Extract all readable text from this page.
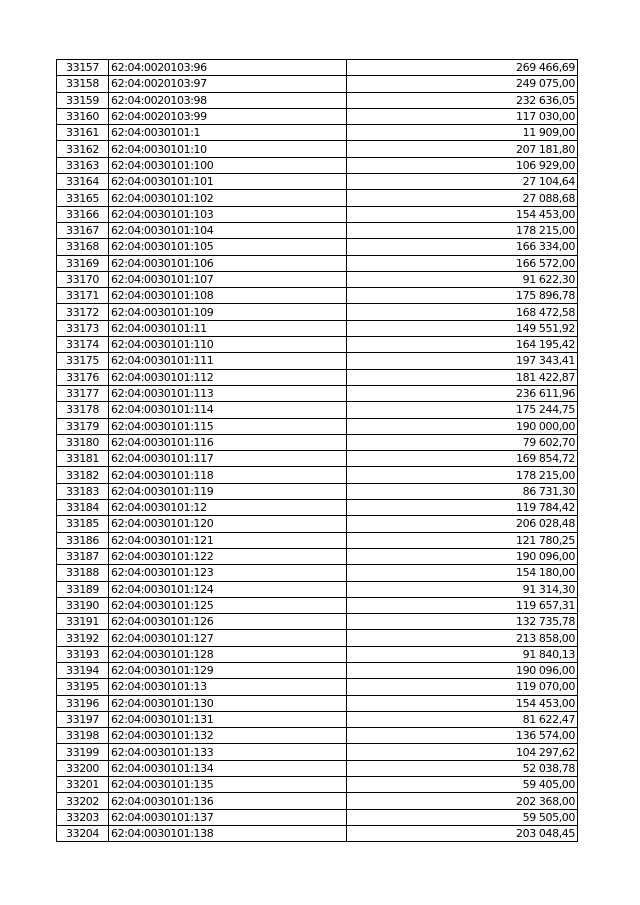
33157	62:04:0020103:96	269 466,69
33158	62:04:0020103:97	249 075,00
33159	62:04:0020103:98	232 636,05
33160	62:04:0020103:99	117 030,00
33161	62:04:0030101:1	11 909,00
33162	62:04:0030101:10	207 181,80
33163	62:04:0030101:100	106 929,00
33164	62:04:0030101:101	27 104,64
33165	62:04:0030101:102	27 088,68
33166	62:04:0030101:103	154 453,00
33167	62:04:0030101:104	178 215,00
33168	62:04:0030101:105	166 334,00
33169	62:04:0030101:106	166 572,00
33170	62:04:0030101:107	91 622,30
33171	62:04:0030101:108	175 896,78
33172	62:04:0030101:109	168 472,58
33173	62:04:0030101:11	149 551,92
33174	62:04:0030101:110	164 195,42
33175	62:04:0030101:111	197 343,41
33176	62:04:0030101:112	181 422,87
33177	62:04:0030101:113	236 611,96
33178	62:04:0030101:114	175 244,75
33179	62:04:0030101:115	190 000,00
33180	62:04:0030101:116	79 602,70
33181	62:04:0030101:117	169 854,72
33182	62:04:0030101:118	178 215,00
33183	62:04:0030101:119	86 731,30
33184	62:04:0030101:12	119 784,42
33185	62:04:0030101:120	206 028,48
33186	62:04:0030101:121	121 780,25
33187	62:04:0030101:122	190 096,00
33188	62:04:0030101:123	154 180,00
33189	62:04:0030101:124	91 314,30
33190	62:04:0030101:125	119 657,31
33191	62:04:0030101:126	132 735,78
33192	62:04:0030101:127	213 858,00
33193	62:04:0030101:128	91 840,13
33194	62:04:0030101:129	190 096,00
33195	62:04:0030101:13	119 070,00
33196	62:04:0030101:130	154 453,00
33197	62:04:0030101:131	81 622,47
33198	62:04:0030101:132	136 574,00
33199	62:04:0030101:133	104 297,62
33200	62:04:0030101:134	52 038,78
33201	62:04:0030101:135	59 405,00
33202	62:04:0030101:136	202 368,00
33203	62:04:0030101:137	59 505,00
33204	62:04:0030101:138	203 048,45
